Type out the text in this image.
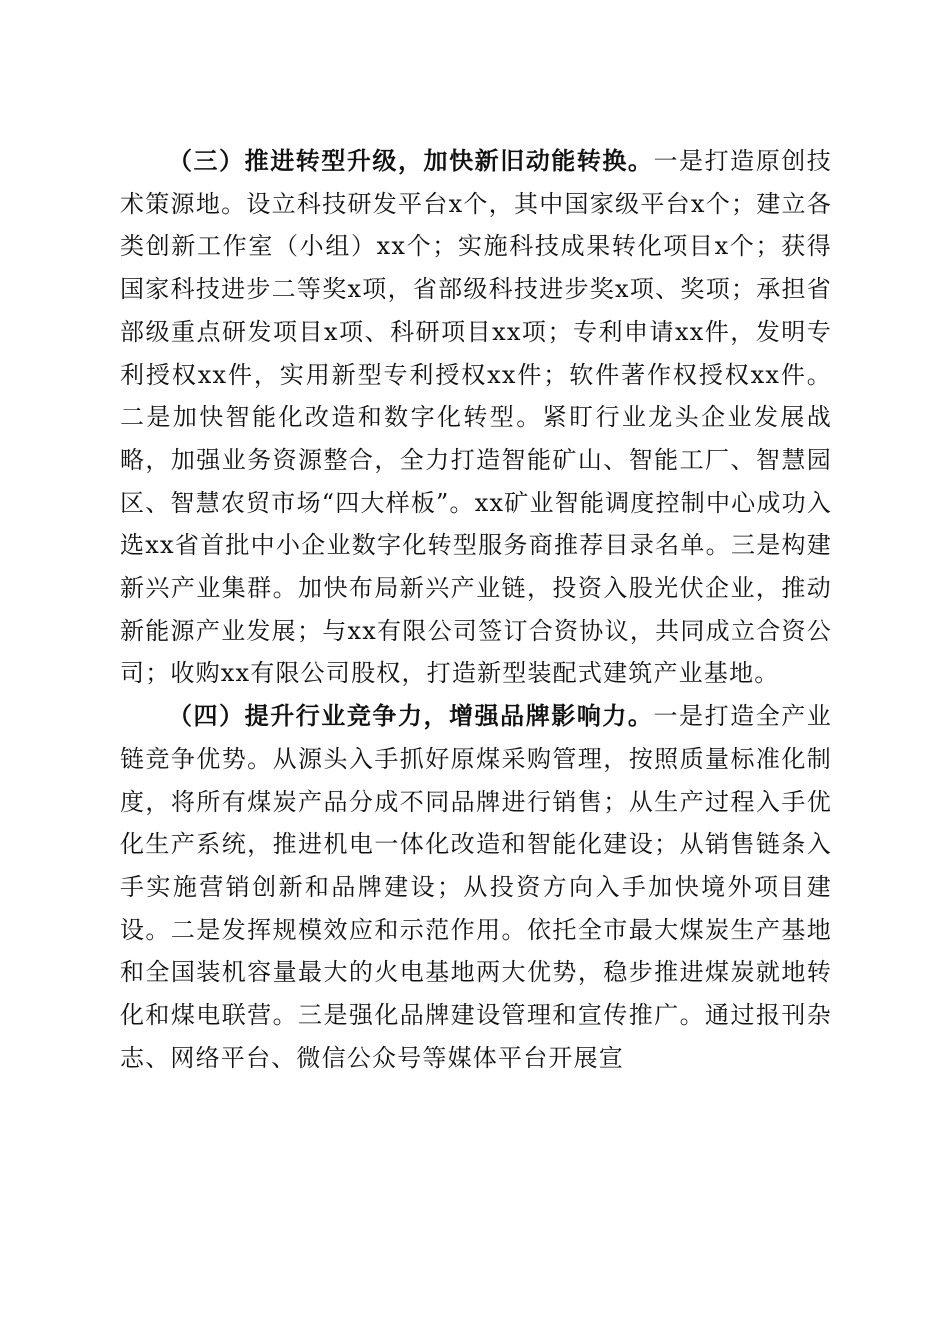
（三）推进转型升级，加快新旧动能转换。一是打造原创技术策源地。设立科技研发平台x个，其中国家级平台x个；建立各类创新工作室（小组）xx个；实施科技成果转化项目x个；获得国家科技进步二等奖x项，省部级科技进步奖x项、奖项；承担省部级重点研发项目x项、科研项目xx项；专利申请xx件，发明专利授权xx件，实用新型专利授权xx件；软件著作权授权xx件。二是加快智能化改造和数字化转型。紧盯行业龙头企业发展战略，加强业务资源整合，全力打造智能矿山、智能工厂、智慧园区、智慧农贸市场“四大样板”。xx矿业智能调度控制中心成功入选xx省首批中小企业数字化转型服务商推荐目录名单。三是构建新兴产业集群。加快布局新兴产业链，投资入股光伏企业，推动新能源产业发展；与xx有限公司签订合资协议，共同成立合资公司；收购xx有限公司股权，打造新型装配式建筑产业基地。

（四）提升行业竞争力，增强品牌影响力。一是打造全产业链竞争优势。从源头入手抓好原煤采购管理，按照质量标准化制度，将所有煤炭产品分成不同品牌进行销售；从生产过程入手优化生产系统，推进机电一体化改造和智能化建设；从销售链条入手实施营销创新和品牌建设；从投资方向入手加快境外项目建设。二是发挥规模效应和示范作用。依托全市最大煤炭生产基地和全国装机容量最大的火电基地两大优势，稳步推进煤炭就地转化和煤电联营。三是强化品牌建设管理和宣传推广。通过报刊杂志、网络平台、微信公众号等媒体平台开展宣
